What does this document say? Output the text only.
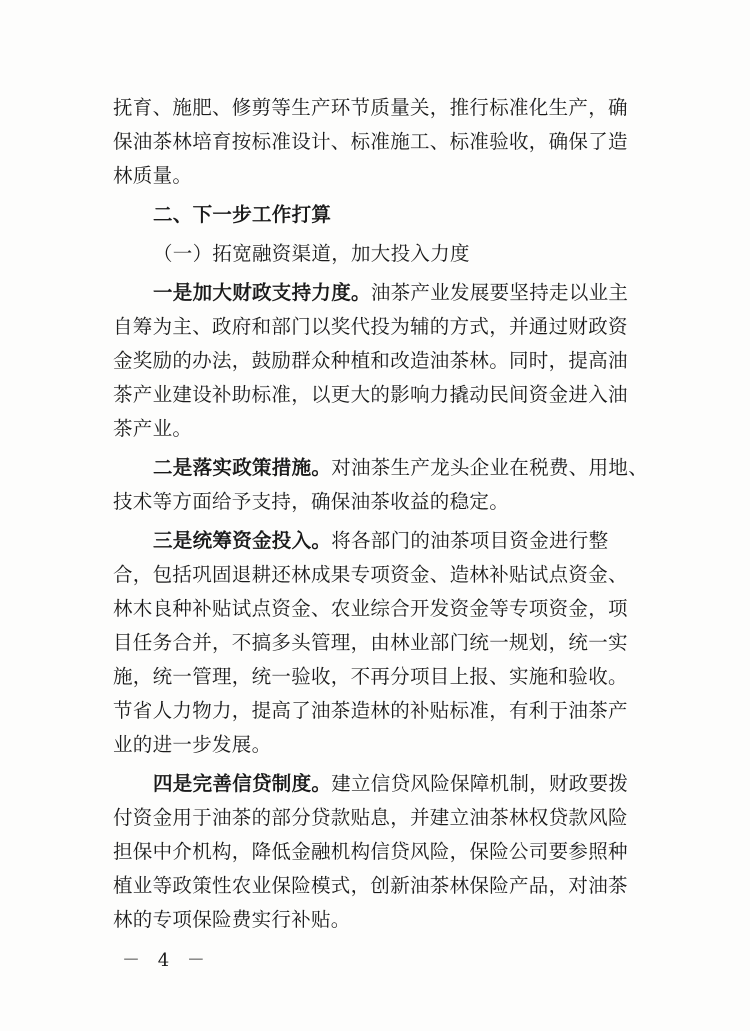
抚育、施肥、修剪等生产环节质量关，推行标准化生产，确
保油茶林培育按标准设计、标准施工、标准验收，确保了造
林质量。
二、下一步工作打算
（一）拓宽融资渠道，加大投入力度
一是加大财政支持力度。油茶产业发展要坚持走以业主
自筹为主、政府和部门以奖代投为辅的方式，并通过财政资
金奖励的办法，鼓励群众种植和改造油茶林。同时，提高油
茶产业建设补助标准，以更大的影响力撬动民间资金进入油
茶产业。
二是落实政策措施。对油茶生产龙头企业在税费、用地、
技术等方面给予支持，确保油茶收益的稳定。
三是统筹资金投入。将各部门的油茶项目资金进行整
合，包括巩固退耕还林成果专项资金、造林补贴试点资金、
林木良种补贴试点资金、农业综合开发资金等专项资金，项
目任务合并，不搞多头管理，由林业部门统一规划，统一实
施，统一管理，统一验收，不再分项目上报、实施和验收。
节省人力物力，提高了油茶造林的补贴标准，有利于油茶产
业的进一步发展。
四是完善信贷制度。建立信贷风险保障机制，财政要拨
付资金用于油茶的部分贷款贴息，并建立油茶林权贷款风险
担保中介机构，降低金融机构信贷风险，保险公司要参照种
植业等政策性农业保险模式，创新油茶林保险产品，对油茶
林的专项保险费实行补贴。
－ 4 －
